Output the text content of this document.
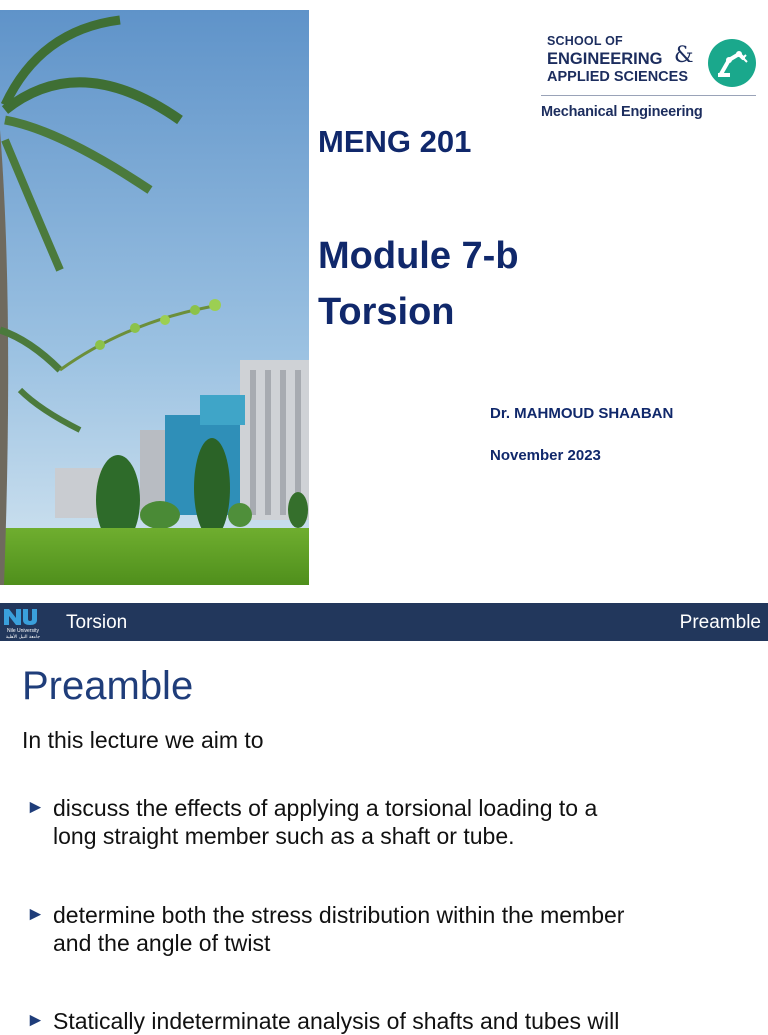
SCHOOL OF
ENGINEERING &
APPLIED SCIENCES
Mechanical Engineering
MENG 201
Module 7-b
Torsion
Dr. MAHMOUD SHAABAN
November 2023
Nile University
جامعة النيل الأهلية
Torsion	Preamble
Preamble
In this lecture we aim to
► discuss the effects of applying a torsional loading to a
long straight member such as a shaft or tube.
► determine both the stress distribution within the member
and the angle of twist
► Statically indeterminate analysis of shafts and tubes will
